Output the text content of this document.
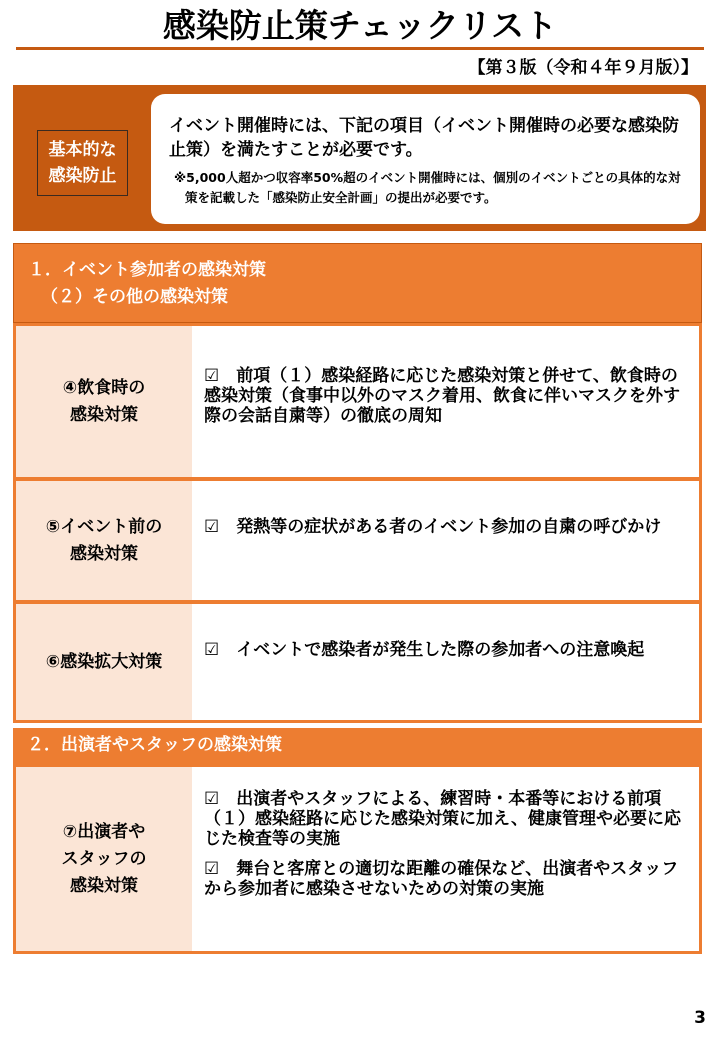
感染防止策チェックリスト
【第３版（令和４年９月版）】
基本的な
感染防止
イベント開催時には、下記の項目（イベント開催時の必要な感染防止策）を満たすことが必要です。
※5,000人超かつ収容率50%超のイベント開催時には、個別のイベントごとの具体的な対策を記載した「感染防止安全計画」の提出が必要です。
１．イベント参加者の感染対策
（２）その他の感染対策
④飲食時の
感染対策

☑　前項（１）感染経路に応じた感染対策と併せて、飲食時の感染対策（食事中以外のマスク着用、飲食に伴いマスクを外す際の会話自粛等）の徹底の周知

⑤イベント前の
感染対策

☑　発熱等の症状がある者のイベント参加の自粛の呼びかけ

⑥感染拡大対策

☑　イベントで感染者が発生した際の参加者への注意喚起

２．出演者やスタッフの感染対策
⑦出演者や
スタッフの
感染対策

☑　出演者やスタッフによる、練習時・本番等における前項（１）感染経路に応じた感染対策に加え、健康管理や必要に応じた検査等の実施

☑　舞台と客席との適切な距離の確保など、出演者やスタッフから参加者に感染させないための対策の実施

3
